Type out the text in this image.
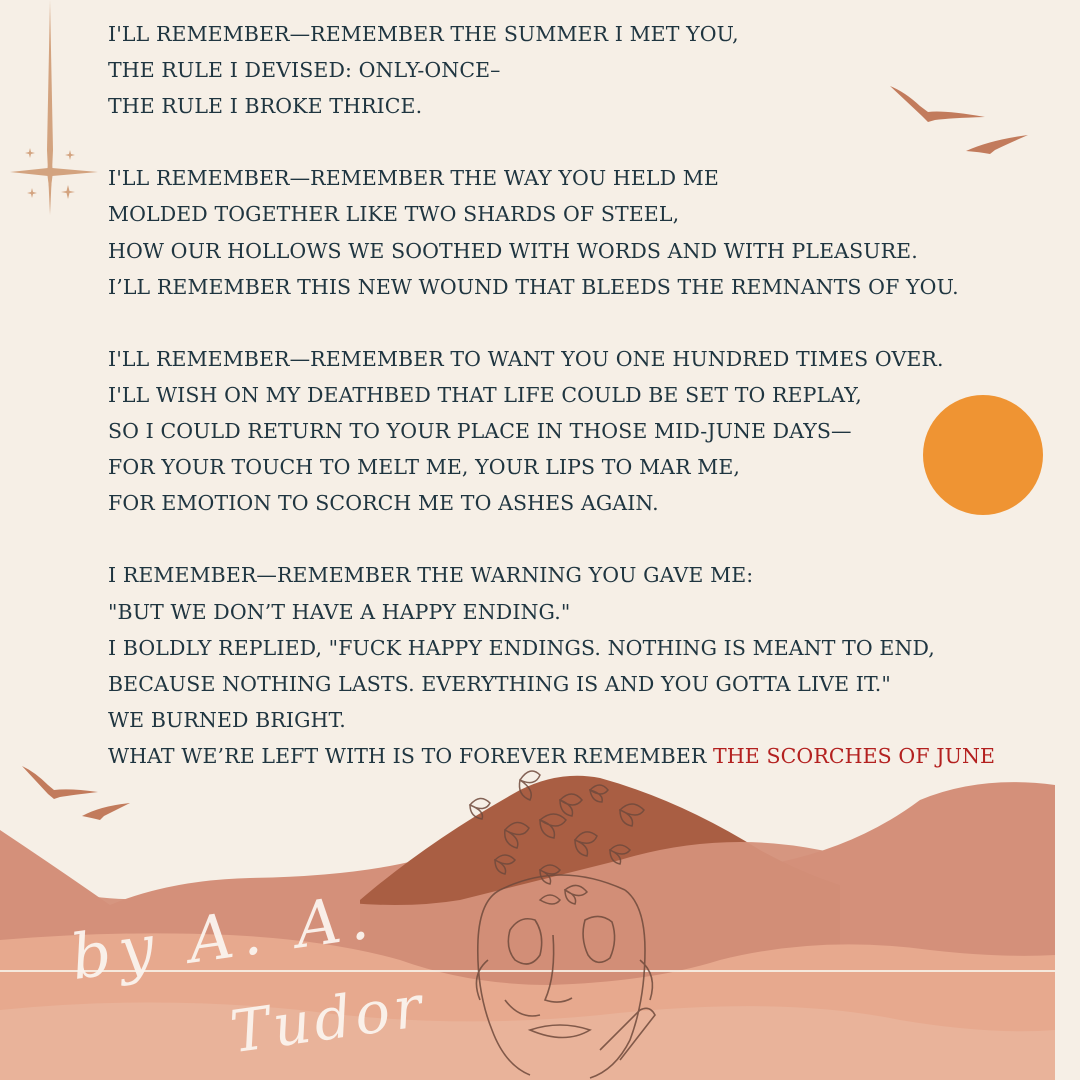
I'LL REMEMBER—REMEMBER THE SUMMER I MET YOU,
THE RULE I DEVISED: ONLY-ONCE–
THE RULE I BROKE THRICE.
I'LL REMEMBER—REMEMBER THE WAY YOU HELD ME
MOLDED TOGETHER LIKE TWO SHARDS OF STEEL,
HOW OUR HOLLOWS WE SOOTHED WITH WORDS AND WITH PLEASURE.
I’LL REMEMBER THIS NEW WOUND THAT BLEEDS THE REMNANTS OF YOU.
I'LL REMEMBER—REMEMBER TO WANT YOU ONE HUNDRED TIMES OVER.
I'LL WISH ON MY DEATHBED THAT LIFE COULD BE SET TO REPLAY,
SO I COULD RETURN TO YOUR PLACE IN THOSE MID-JUNE DAYS—
FOR YOUR TOUCH TO MELT ME, YOUR LIPS TO MAR ME,
FOR EMOTION TO SCORCH ME TO ASHES AGAIN.
I REMEMBER—REMEMBER THE WARNING YOU GAVE ME:
"BUT WE DON’T HAVE A HAPPY ENDING."
I BOLDLY REPLIED, "FUCK HAPPY ENDINGS. NOTHING IS MEANT TO END,
BECAUSE NOTHING LASTS. EVERYTHING IS AND YOU GOTTA LIVE IT."
WE BURNED BRIGHT.
WHAT WE’RE LEFT WITH IS TO FOREVER REMEMBER THE SCORCHES OF JUNE
by A. A.
Tudor
